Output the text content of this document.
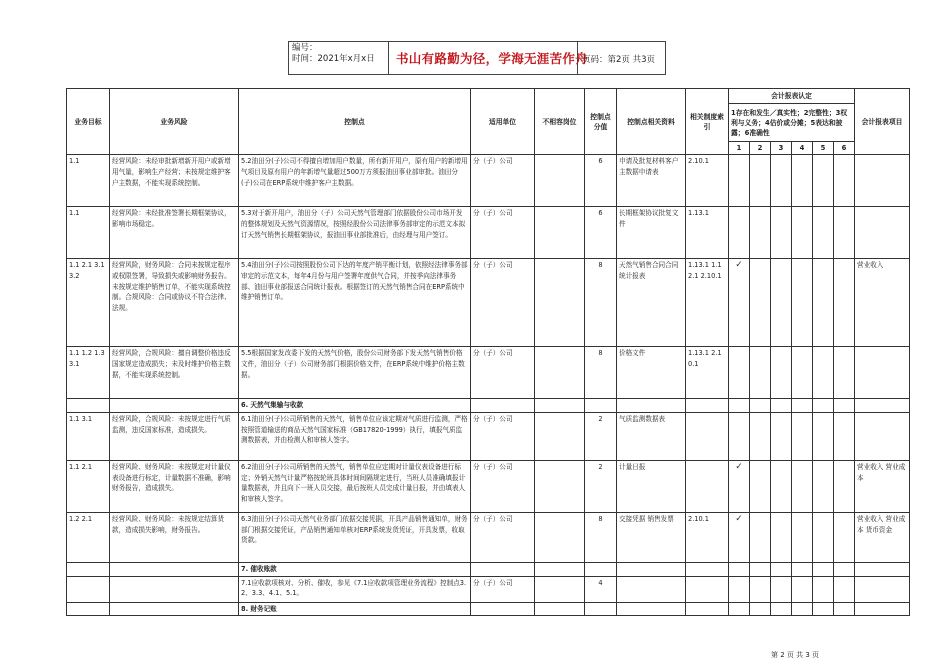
编号：
时间：2021年x月x日 书山有路勤为径，学海无涯苦作舟
页码：第2页 共3页
业务目标	业务风险	控制点	适用单位	不相容岗位	控制点分值	控制点相关资料	相关制度索引	会计报表认定						会计报表项目
								1存在和发生／真实性；2完整性；3权利与义务；4估价或分摊；5表达和披露；6准确性						
								1	2	3	4	5	6	
1.1	经营风险：未经审批新增新开用户或新增用气量，影响生产经营；未按规定维护客户主数据，不能实现系统控制。	5.2油田分(子)公司不得擅自增加用户数量，所有新开用户，原有用户的新增用气项目及原有用户的年新增气量超过500万方须报油田事业部审批。油田分(子)公司在ERP系统中维护客户主数据。	分（子）公司		6	申请及批复材料客户主数据申请表	2.10.1	

1.1	经营风险：未经批准签署长期框架协议，影响市场稳定。	5.3对于新开用户，油田分（子）公司天然气管理部门依据股份公司市场开发的整体规划及天然气资源情况，按照经股份公司法律事务部审定的示范文本拟订天然气销售长期框架协议，报油田事业部批准后，由经理与用户签订。	分（子）公司		6	长期框架协议批复文件	1.13.1	

1.1 2.1 3.1 3.2	经营风险，财务风险：合同未按规定程序或权限签署，导致损失或影响财务报告。未按规定维护销售订单，不能实现系统控制。合规风险：合同或协议不符合法律、法规。	5.4油田分(子)公司按照股份公司下达的年度产销平衡计划，依照经法律事务部审定的示范文本，每年4月份与用户签署年度供气合同，并按季向法律事务部、油田事业部报送合同统计报表。根据签订的天然气销售合同在ERP系统中维护销售订单。	分（子）公司		8	天然气销售合同合同统计报表	1.13.1 1.12.1 2.10.1	✓						营业收入
1.1 1.2 1.3 3.1	经营风险，合规风险：擅自调整价格违反国家规定造成损失；未及时维护价格主数据，不能实现系统控制。	5.5根据国家发改委下发的天然气价格，股份公司财务部下发天然气销售价格文件，油田分（子）公司财务部门根据价格文件，在ERP系统中维护价格主数据。	分（子）公司		8	价格文件	1.13.1 2.10.1	

		6. 天然气集输与收款												
1.1 3.1	经营风险，合规风险：未按规定进行气质监测，违反国家标准，造成损失。	6.1油田分(子)公司所销售的天然气，销售单位应该定期对气质进行监测，严格按照管道输送的商品天然气国家标准（GB17820-1999）执行，填报气质监测数据表，并由检测人和审核人签字。	分（子）公司		2	气质监测数据表		

1.1 2.1	经营风险、财务风险：未按规定对计量仪表设备进行标定，计量数据不准确，影响财务报告，造成损失。	6.2油田分(子)公司所销售的天然气，销售单位应定期对计量仪表设备进行标定；外销天然气计量严格按轮班具体时间间隔规定进行，当班人员准确填报计量数据表，并且向下一班人员交接，最后按班人员完成计量日报，并由填表人和审核人签字。	分（子）公司		2	计量日报		✓						营业收入 营业成本
1.2 2.1	经营风险、财务风险：未按规定结算货款，造成损失影响，财务报告。	6.3油田分(子)公司天然气业务部门依据交接凭据，开具产品销售通知单，财务部门根据交接凭证，产品销售通知单核对ERP系统发货凭证，开具发票，收取货款。	分（子）公司		8	交接凭据 销售发票	2.10.1	✓						营业收入 营业成本 货币资金
		7. 催收账款												
		7.1应收款项核对、分析、催收，参见《7.1应收款项管理业务流程》控制点3.2、3.3、4.1、5.1。	分（子）公司		4									
		8. 财务记账												
第 2 页 共 3 页
